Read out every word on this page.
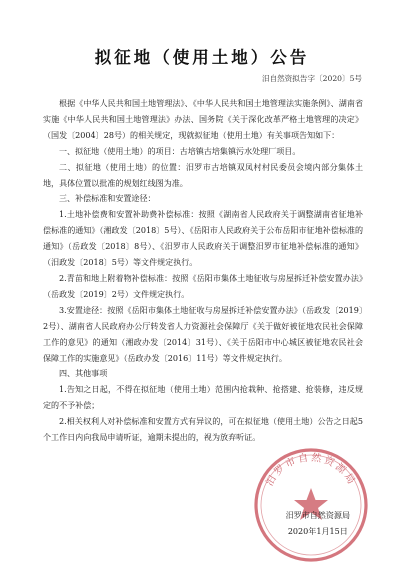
拟征地（使用土地）公告
汨自然资拟告字〔2020〕5号

根据《中华人民共和国土地管理法》、《中华人民共和国土地管理法实施条例》、湖南省实施《中华人民共和国土地管理法》办法、国务院《关于深化改革严格土地管理的决定》（国发〔2004〕28号）的相关规定，现就拟征地（使用土地）有关事项告知如下：

一、拟征地（使用土地）的项目：古培镇古培集镇污水处理厂项目。

二、拟征地（使用土地）的位置：汨罗市古培镇双凤村村民委员会境内部分集体土地，具体位置以批准的规划红线图为准。

三、补偿标准和安置途径：

1.土地补偿费和安置补助费补偿标准：按照《湖南省人民政府关于调整湖南省征地补偿标准的通知》（湘政发〔2018〕5号）、《岳阳市人民政府关于公布岳阳市征地补偿标准的通知》（岳政发〔2018〕8号）、《汨罗市人民政府关于调整汨罗市征地补偿标准的通知》（汨政发〔2018〕5号）等文件规定执行。

2.青苗和地上附着物补偿标准：按照《岳阳市集体土地征收与房屋拆迁补偿安置办法》（岳政发〔2019〕2号）文件规定执行。

3.安置途径：按照《岳阳市集体土地征收与房屋拆迁补偿安置办法》（岳政发〔2019〕2号）、湖南省人民政府办公厅转发省人力资源社会保障厅《关于做好被征地农民社会保障工作的意见》的通知（湘政办发〔2014〕31号）、《关于岳阳市中心城区被征地农民社会保障工作的实施意见》（岳政办发〔2016〕11号）等文件规定执行。

四、其他事项

1.告知之日起，不得在拟征地（使用土地）范围内抢栽种、抢搭建、抢装修，违反规定的不予补偿；

2.相关权利人对补偿标准和安置方式有异议的，可在拟征地（使用土地）公告之日起5个工作日内向我局申请听证，逾期未提出的，视为放弃听证。

汨罗市自然资源局
汨罗市自然资源局
2020年1月15日
